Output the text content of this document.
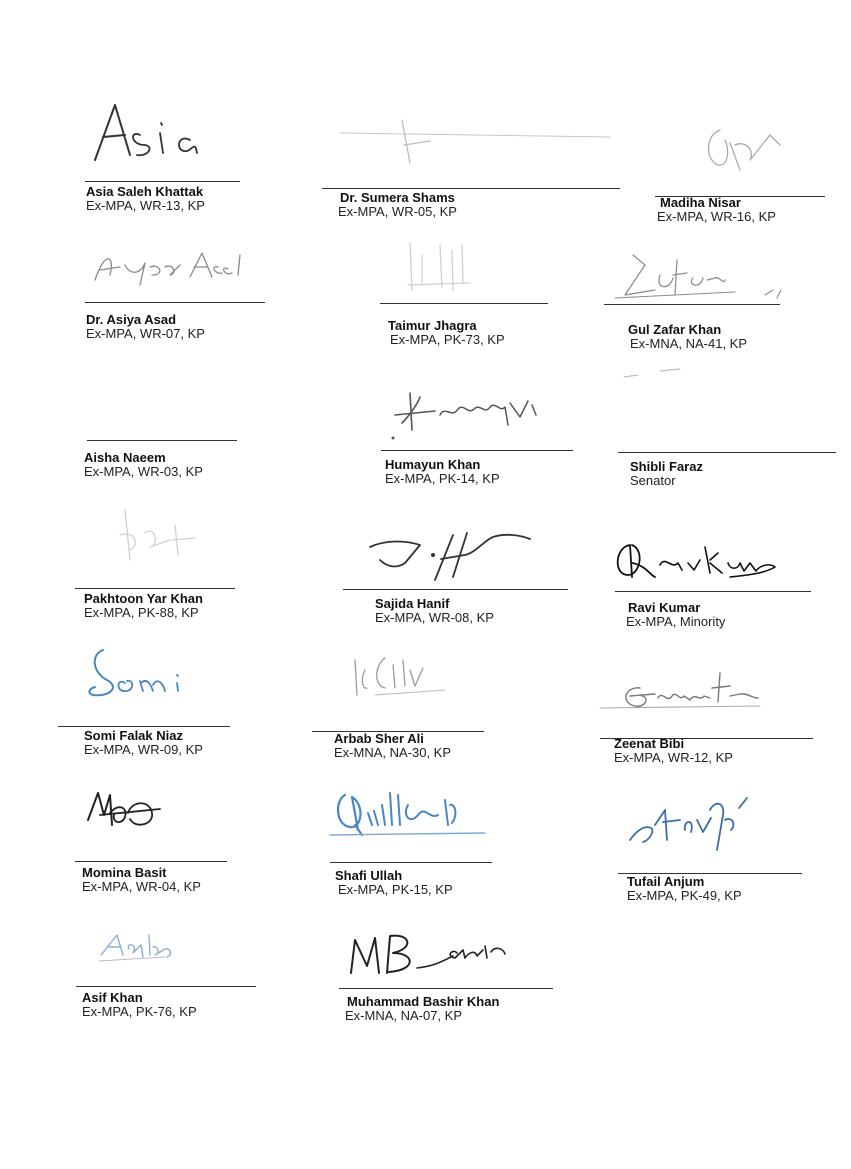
Asia Saleh Khattak
Ex-MPA, WR-13, KP
Dr. Sumera Shams
Ex-MPA, WR-05, KP
Madiha Nisar
Ex-MPA, WR-16, KP
Dr. Asiya Asad
Ex-MPA, WR-07, KP
Taimur Jhagra
Ex-MPA, PK-73, KP
Gul Zafar Khan
Ex-MNA, NA-41, KP
Aisha Naeem
Ex-MPA, WR-03, KP	Humayun Khan
Ex-MPA, PK-14, KP
Shibli Faraz
Senator
Pakhtoon Yar Khan
Ex-MPA, PK-88, KP
Sajida Hanif
Ex-MPA, WR-08, KP
Ravi Kumar
Ex-MPA, Minority
Somi Falak Niaz
Ex-MPA, WR-09, KP
Arbab Sher Ali
Ex-MNA, NA-30, KP
Zeenat Bibi
Ex-MPA, WR-12, KP
Momina Basit
Ex-MPA, WR-04, KP
Shafi Ullah
Ex-MPA, PK-15, KP
Tufail Anjum
Ex-MPA, PK-49, KP
Asif Khan
Ex-MPA, PK-76, KP
Muhammad Bashir Khan
Ex-MNA, NA-07, KP
